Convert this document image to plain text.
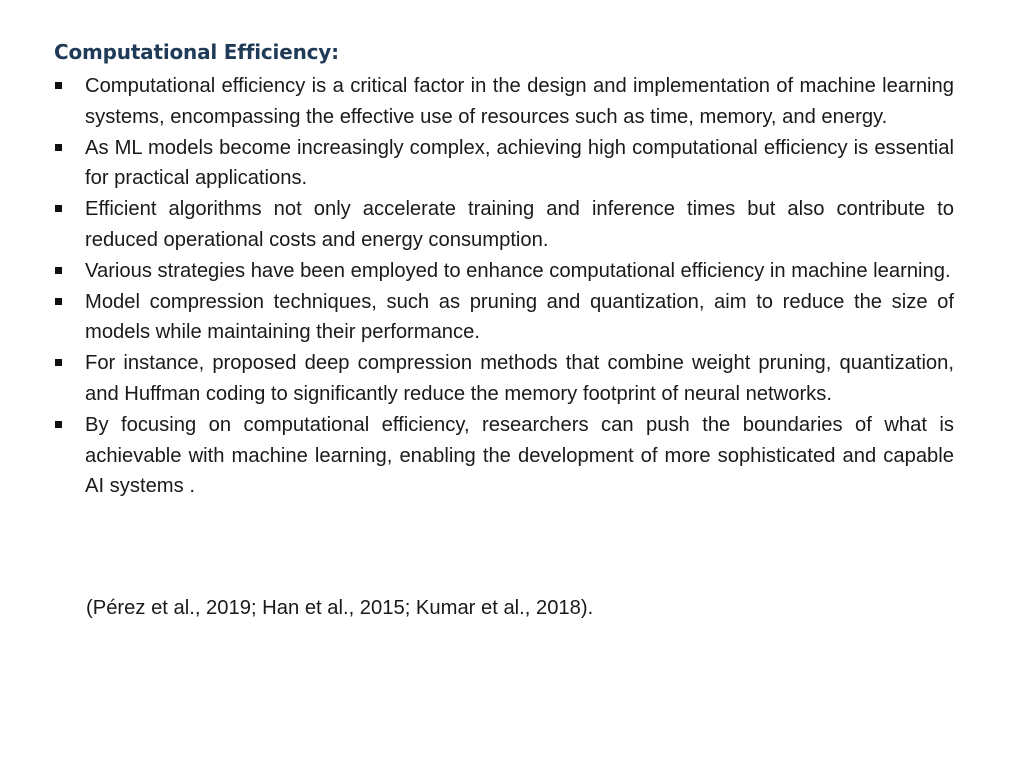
Computational Efficiency:
Computational efficiency is a critical factor in the design and implementation of machine learning systems, encompassing the effective use of resources such as time, memory, and energy.
As ML models become increasingly complex, achieving high computational efficiency is essential for practical applications.
Efficient algorithms not only accelerate training and inference times but also contribute to reduced operational costs and energy consumption.
Various strategies have been employed to enhance computational efficiency in machine learning.
Model compression techniques, such as pruning and quantization, aim to reduce the size of models while maintaining their performance.
For instance, proposed deep compression methods that combine weight pruning, quantization, and Huffman coding to significantly reduce the memory footprint of neural networks.
By focusing on computational efficiency, researchers can push the boundaries of what is achievable with machine learning, enabling the development of more sophisticated and capable AI systems .

(Pérez et al., 2019; Han et al., 2015; Kumar et al., 2018).
